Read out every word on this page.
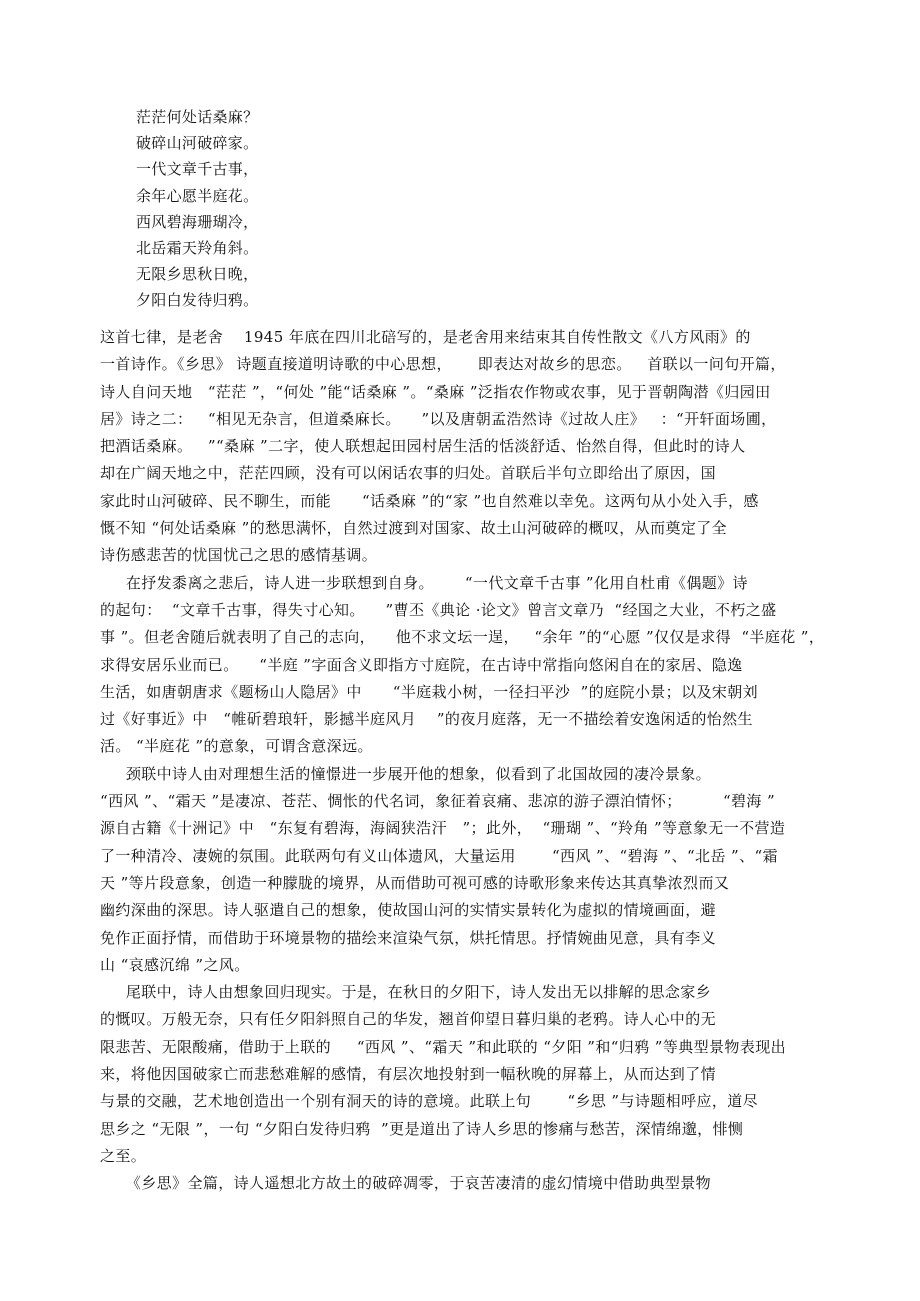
茫茫何处话桑麻？
破碎山河破碎家。
一代文章千古事，
余年心愿半庭花。
西风碧海珊瑚冷，
北岳霜天羚角斜。
无限乡思秋日晚，
夕阳白发待归鸦。
这首七律，是老舍    1945 年底在四川北碚写的，是老舍用来结束其自传性散文《八方风雨》的
一首诗作。《乡思》 诗题直接道明诗歌的中心思想，     即表达对故乡的思恋。   首联以一问句开篇，
诗人自问天地   “茫茫 ”，“何处 ”能“话桑麻 ”。“桑麻 ”泛指农作物或农事，见于晋朝陶潜《归园田
居》诗之二：   “相见无杂言，但道桑麻长。    ”以及唐朝孟浩然诗《过故人庄》   ：“开轩面场圃，
把酒话桑麻。   ”“桑麻 ”二字，使人联想起田园村居生活的恬淡舒适、怡然自得，但此时的诗人
却在广阔天地之中，茫茫四顾，没有可以闲话农事的归处。首联后半句立即给出了原因，国
家此时山河破碎、民不聊生，而能      “话桑麻 ”的“家 ”也自然难以幸免。这两句从小处入手，感
慨不知 “何处话桑麻 ”的愁思满怀，自然过渡到对国家、故土山河破碎的概叹，从而奠定了全
诗伤感悲苦的忧国忧己之思的感情基调。
在抒发黍离之悲后，诗人进一步联想到自身。      “一代文章千古事 ”化用自杜甫《偶题》诗
的起句：  “文章千古事，得失寸心知。    ”曹丕《典论 ·论文》曾言文章乃  “经国之大业，不朽之盛
事 ”。但老舍随后就表明了自己的志向，    他不求文坛一逞，   “余年 ”的“心愿 ”仅仅是求得  “半庭花 ”，
求得安居乐业而已。    “半庭 ”字面含义即指方寸庭院，在古诗中常指向悠闲自在的家居、隐逸
生活，如唐朝唐求《题杨山人隐居》中      “半庭栽小树，一径扫平沙  ”的庭院小景；以及宋朝刘
过《好事近》中   “帷斫碧琅轩，影撼半庭风月    ”的夜月庭落，无一不描绘着安逸闲适的怡然生
活。 “半庭花 ”的意象，可谓含意深远。
颈联中诗人由对理想生活的憧憬进一步展开他的想象，似看到了北国故园的凄冷景象。
“西风 ”、“霜天 ”是凄凉、苍茫、惆怅的代名词，象征着哀痛、悲凉的游子漂泊情怀；        “碧海 ”
源自古籍《十洲记》中   “东复有碧海，海阔狭浩汗   ”；此外，  “珊瑚 ”、“羚角 ”等意象无一不营造
了一种清冷、凄婉的氛围。此联两句有义山体遗风，大量运用       “西风 ”、“碧海 ”、“北岳 ”、“霜
天 ”等片段意象，创造一种朦胧的境界，从而借助可视可感的诗歌形象来传达其真挚浓烈而又
幽约深曲的深思。诗人驱遣自己的想象，使故国山河的实情实景转化为虚拟的情境画面，避
免作正面抒情，而借助于环境景物的描绘来渲染气氛，烘托情思。抒情婉曲见意，具有李义
山 “哀感沉绵 ”之风。
尾联中，诗人由想象回归现实。于是，在秋日的夕阳下，诗人发出无以排解的思念家乡
的慨叹。万般无奈，只有任夕阳斜照自己的华发，翘首仰望日暮归巢的老鸦。诗人心中的无
限悲苦、无限酸痛，借助于上联的     “西风 ”、“霜天 ”和此联的 “夕阳 ”和“归鸦 ”等典型景物表现出
来，将他因国破家亡而悲愁难解的感情，有层次地投射到一幅秋晚的屏幕上，从而达到了情
与景的交融，艺术地创造出一个别有洞天的诗的意境。此联上句       “乡思 ”与诗题相呼应，道尽
思乡之 “无限 ”，一句 “夕阳白发待归鸦  ”更是道出了诗人乡思的惨痛与愁苦，深情绵邈，悱恻
之至。
《乡思》全篇，诗人遥想北方故土的破碎凋零，于哀苦凄清的虚幻情境中借助典型景物
